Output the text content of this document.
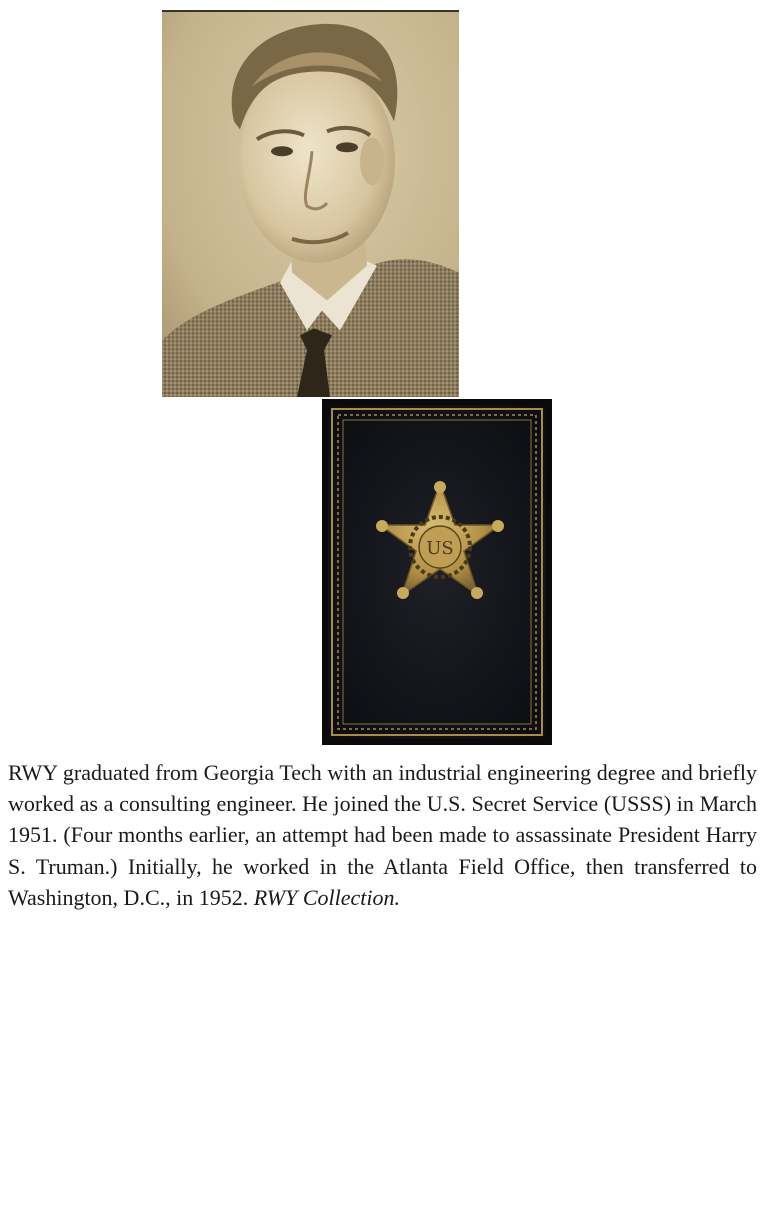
US

RWY graduated from Georgia Tech with an industrial engineering degree and briefly worked as a consulting engineer. He joined the U.S. Secret Service (USSS) in March 1951. (Four months earlier, an attempt had been made to assassinate President Harry S. Truman.) Initially, he worked in the Atlanta Field Office, then transferred to Washington, D.C., in 1952. RWY Collection.
